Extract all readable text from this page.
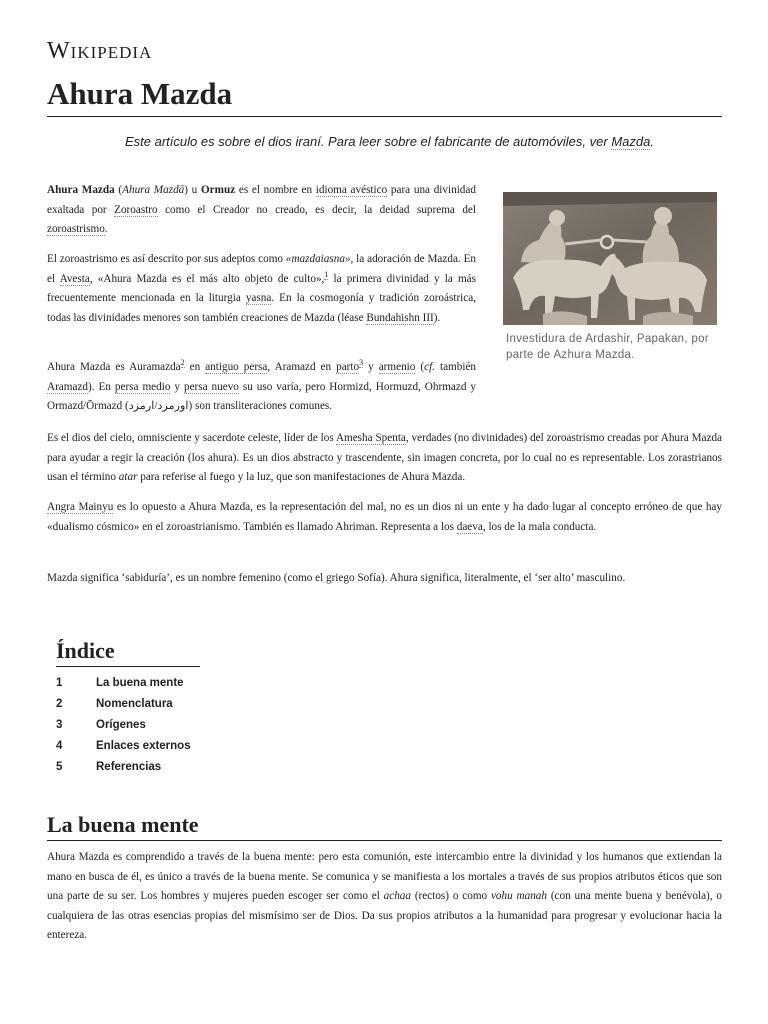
Wikipedia
Ahura Mazda

Este artículo es sobre el dios iraní. Para leer sobre el fabricante de automóviles, ver Mazda.

Ahura Mazda (Ahura Mazdā) u Ormuz es el nombre en idioma avéstico para una divinidad exaltada por Zoroastro como el Creador no creado, es decir, la deidad suprema del zoroastrismo.

El zoroastrismo es así descrito por sus adeptos como «mazdaiasna», la adoración de Mazda. En el Avesta, «Ahura Mazda es el más alto objeto de culto»,$^1$ la primera divinidad y la más frecuentemente mencionada en la liturgia yasna. En la cosmogonía y tradición zoroástrica, todas las divinidades menores son también creaciones de Mazda (léase Bundahishn III).

Ahura Mazda es Auramazda$^2$ en antiguo persa, Aramazd en parto$^3$ y armenio (cf. también Aramazd). En persa medio y persa nuevo su uso varía, pero Hormizd, Hormuzd, Ohrmazd y Ormazd/Ōrmazd (اورمزد/ارمزد) son transliteraciones comunes.

Investidura de Ardashir, Papakan, por parte de Azhura Mazda.

Es el dios del cielo, omnisciente y sacerdote celeste, líder de los Amesha Spenta, verdades (no divinidades) del zoroastrismo creadas por Ahura Mazda para ayudar a regir la creación (los ahura). Es un dios abstracto y trascendente, sin imagen concreta, por lo cual no es representable. Los zorastrianos usan el término atar para referise al fuego y la luz, que son manifestaciones de Ahura Mazda.

Angra Mainyu es lo opuesto a Ahura Mazda, es la representación del mal, no es un dios ni un ente y ha dado lugar al concepto erróneo de que hay «dualismo cósmico» en el zoroastrianismo. También es llamado Ahriman. Representa a los daeva, los de la mala conducta.

Mazda significa ‘sabiduría’, es un nombre femenino (como el griego Sofía). Ahura significa, literalmente, el ‘ser alto’ masculino.

Índice
1	La buena mente
2	Nomenclatura
3	Orígenes
4	Enlaces externos
5	Referencias
La buena mente

Ahura Mazda es comprendido a través de la buena mente: pero esta comunión, este intercambio entre la divinidad y los humanos que extiendan la mano en busca de él, es único a través de la buena mente. Se comunica y se manifiesta a los mortales a través de sus propios atributos éticos que son una parte de su ser. Los hombres y mujeres pueden escoger ser como el achaa (rectos) o como vohu manah (con una mente buena y benévola), o cualquiera de las otras esencias propias del mismísimo ser de Dios. Da sus propios atributos a la humanidad para progresar y evolucionar hacia la entereza.
